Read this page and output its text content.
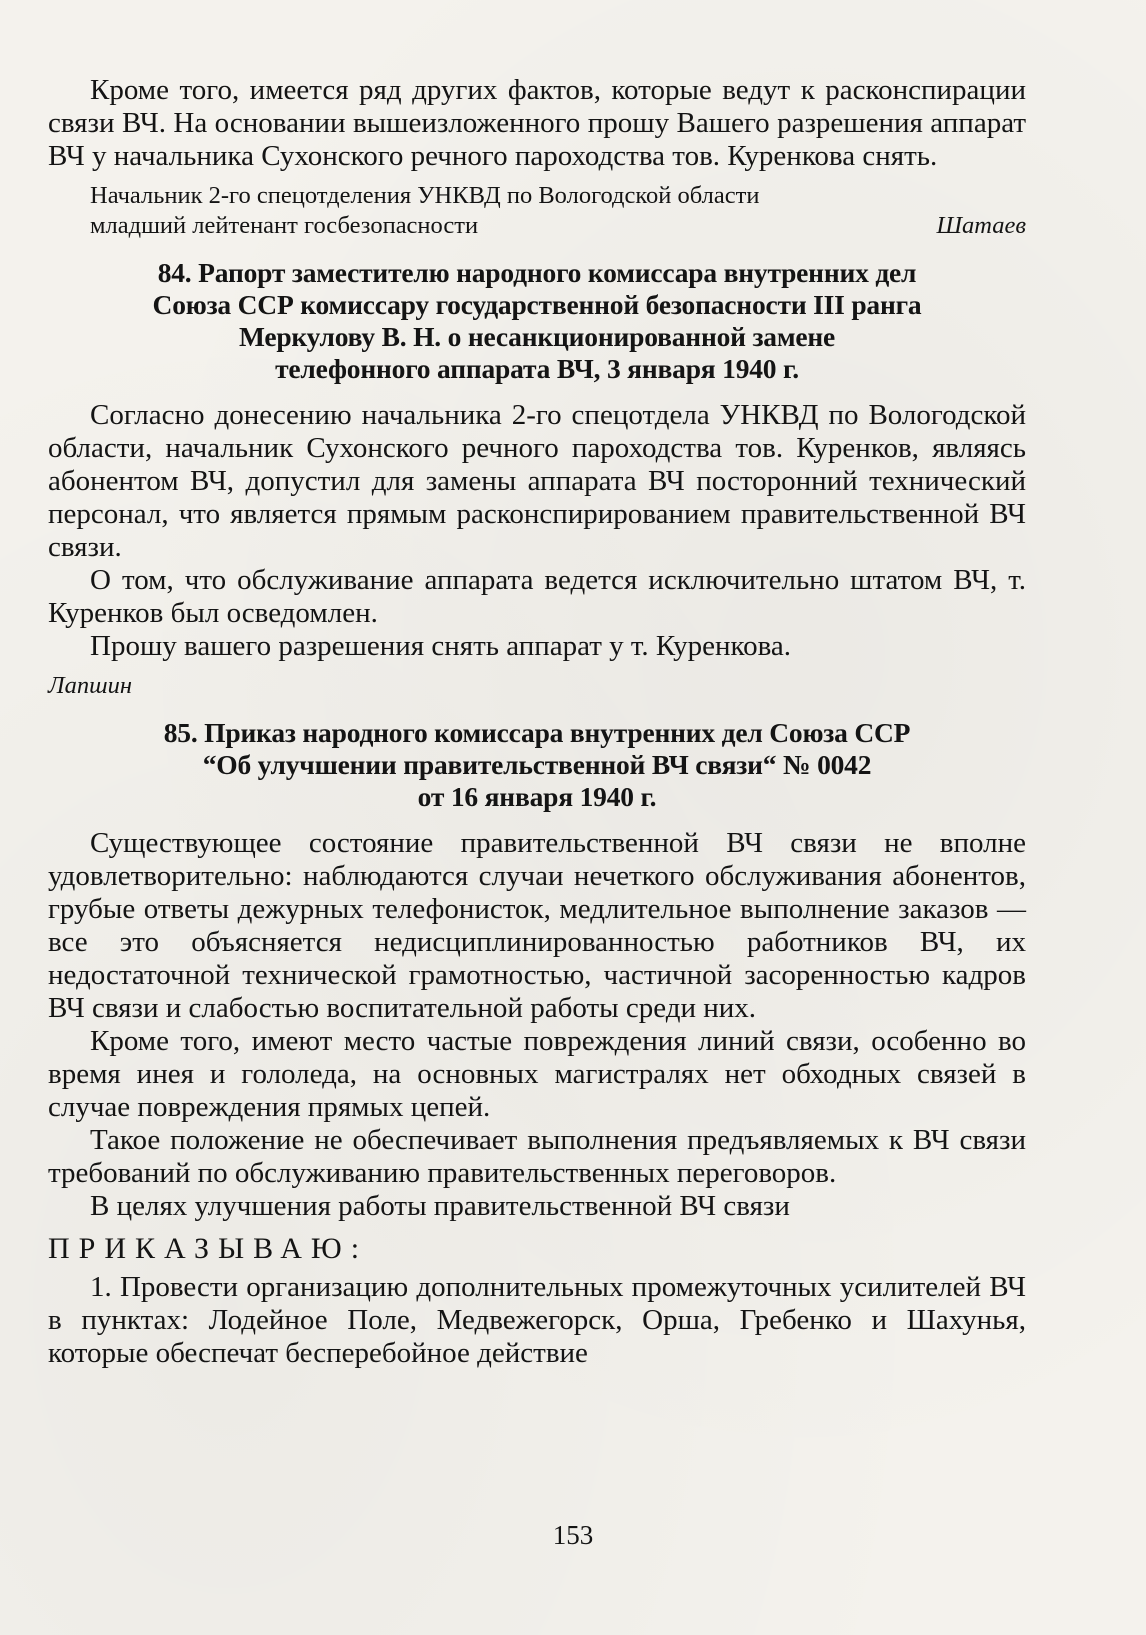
Кроме того, имеется ряд других фактов, которые ведут к расконспирации связи ВЧ. На основании вышеизложенного прошу Вашего разрешения аппарат ВЧ у начальника Сухонского речного пароходства тов. Куренкова снять.

Начальник 2-го спецотделения УНКВД по Вологодской области

младший лейтенант госбезопасности	Шатаев
84. Рапорт заместителю народного комиссара внутренних дел
Союза ССР комиссару государственной безопасности III ранга
Меркулову В. Н. о несанкционированной замене
телефонного аппарата ВЧ, 3 января 1940 г.

Согласно донесению начальника 2-го спецотдела УНКВД по Вологодской области, начальник Сухонского речного пароходства тов. Куренков, являясь абонентом ВЧ, допустил для замены аппарата ВЧ посторонний технический персонал, что является прямым расконспирированием правительственной ВЧ связи.

О том, что обслуживание аппарата ведется исключительно штатом ВЧ, т. Куренков был осведомлен.

Прошу вашего разрешения снять аппарат у т. Куренкова.

Лапшин

85. Приказ народного комиссара внутренних дел Союза ССР
“Об улучшении правительственной ВЧ связи“ № 0042
от 16 января 1940 г.

Существующее состояние правительственной ВЧ связи не вполне удовлетворительно: наблюдаются случаи нечеткого обслуживания абонентов, грубые ответы дежурных телефонисток, медлительное выполнение заказов — все это объясняется недисциплинированностью работников ВЧ, их недостаточной технической грамотностью, частичной засоренностью кадров ВЧ связи и слабостью воспитательной работы среди них.

Кроме того, имеют место частые повреждения линий связи, особенно во время инея и гололеда, на основных магистралях нет обходных связей в случае повреждения прямых цепей.

Такое положение не обеспечивает выполнения предъявляемых к ВЧ связи требований по обслуживанию правительственных переговоров.

В целях улучшения работы правительственной ВЧ связи

ПРИКАЗЫВАЮ:

1. Провести организацию дополнительных промежуточных усилителей ВЧ в пунктах: Лодейное Поле, Медвежегорск, Орша, Гребенко и Шахунья, которые обеспечат бесперебойное действие

153
